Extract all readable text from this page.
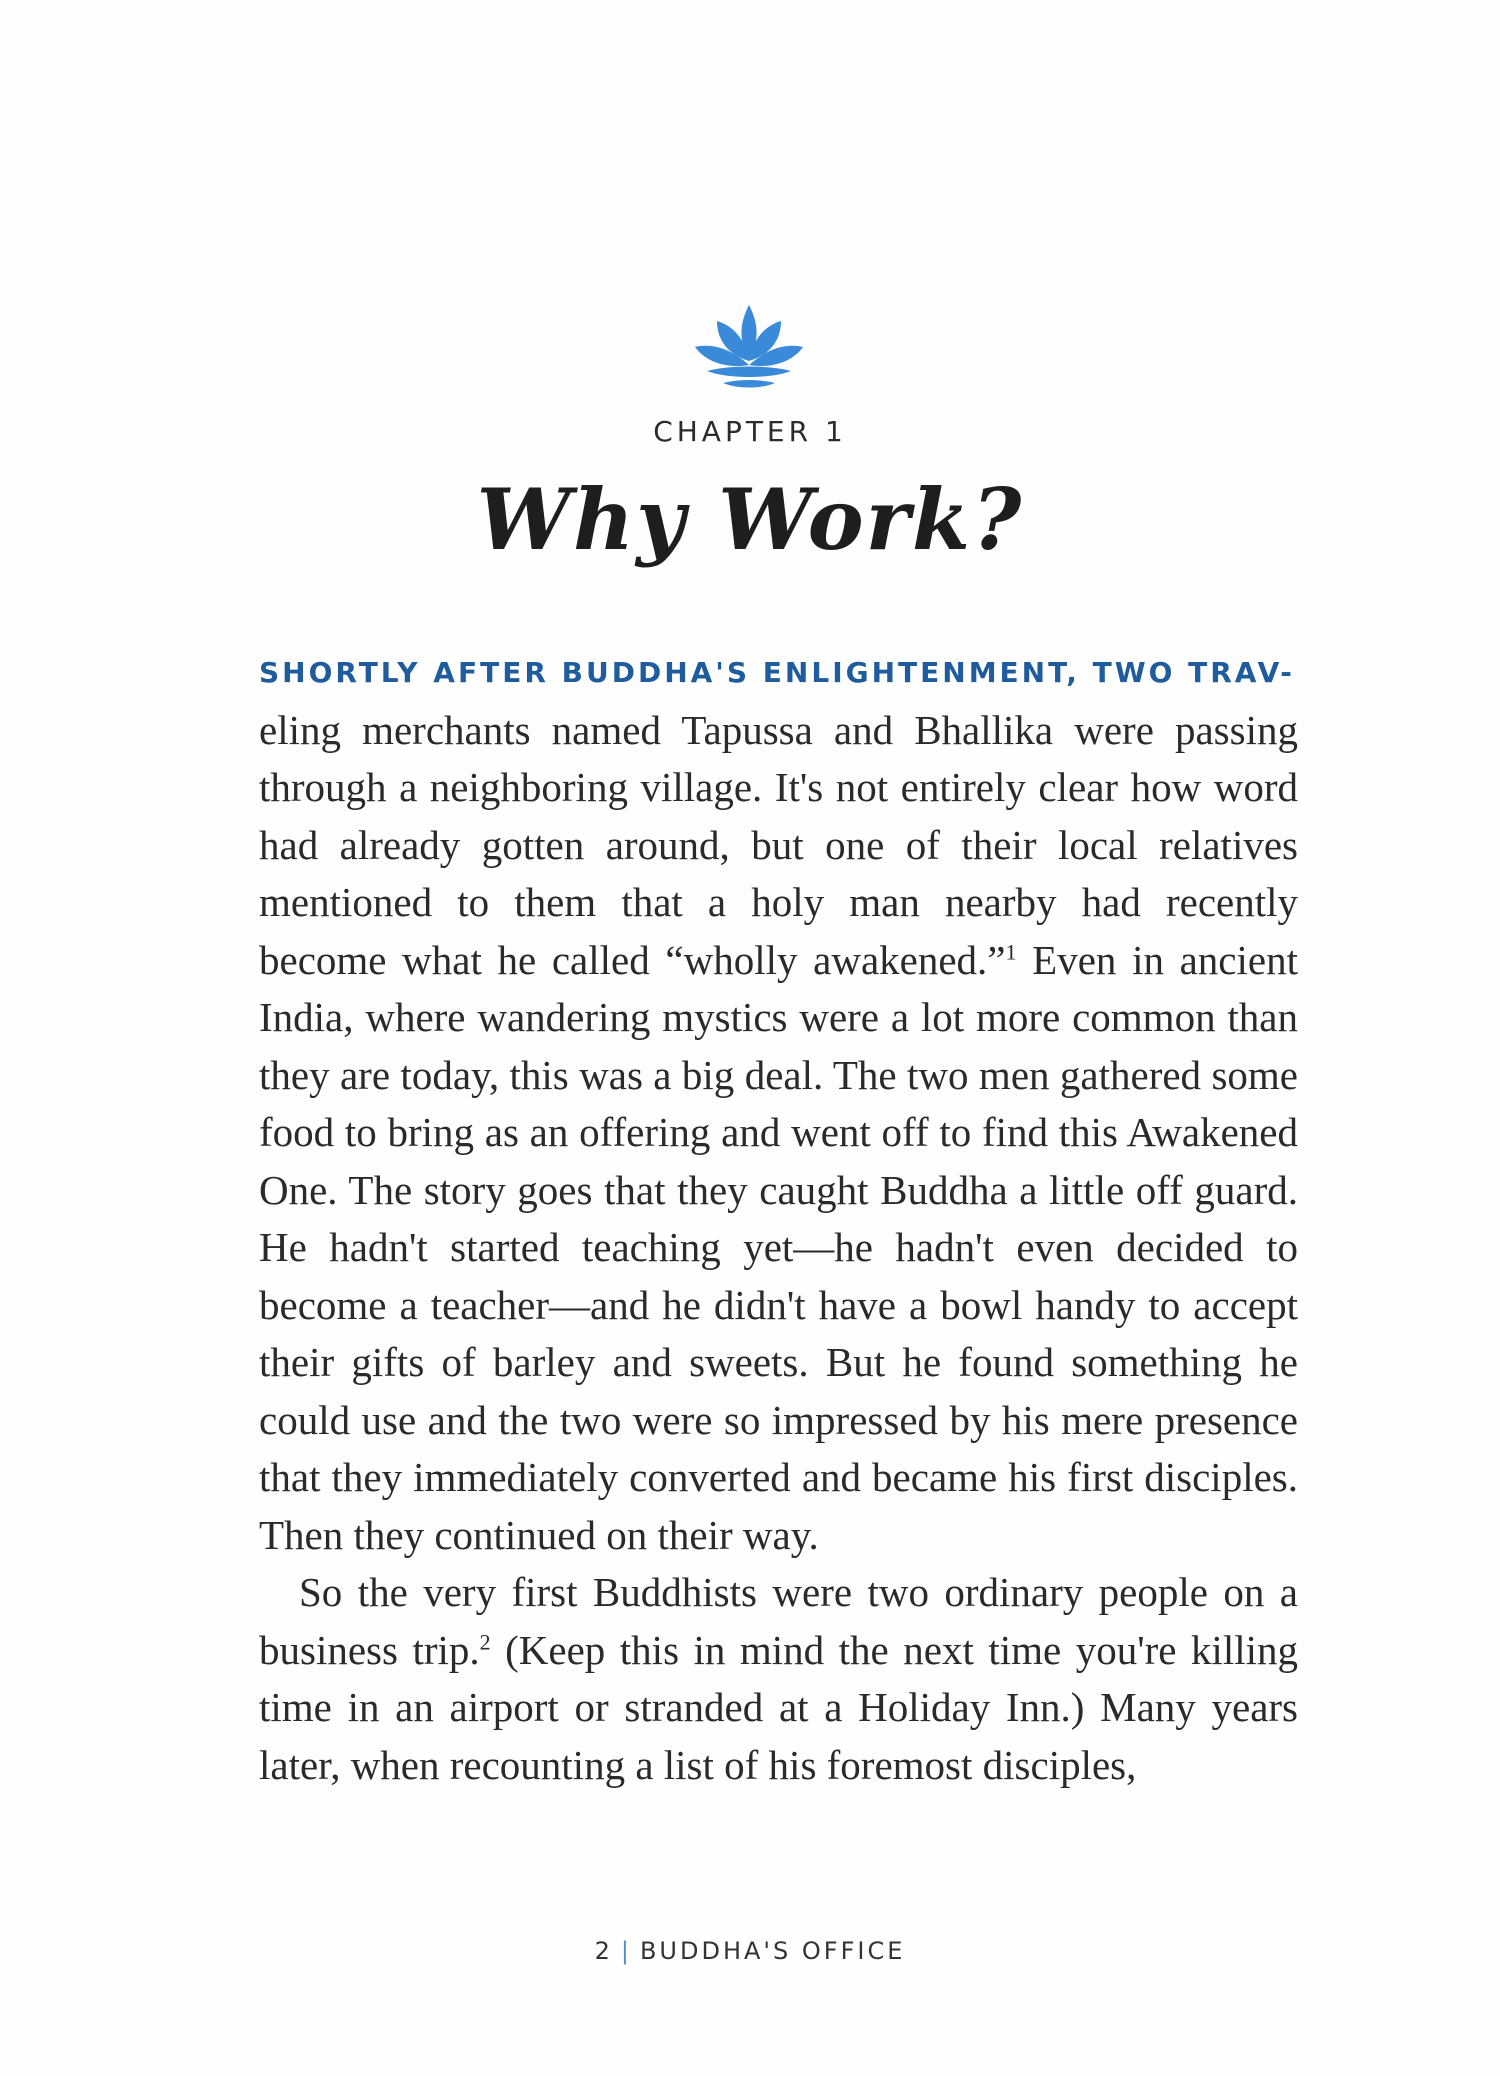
CHAPTER 1
Why Work?

SHORTLY AFTER BUDDHA'S ENLIGHTENMENT, TWO TRAV-
eling merchants named Tapussa and Bhallika were passing through a neighboring village. It's not entirely clear how word had already gotten around, but one of their local relatives mentioned to them that a holy man nearby had recently become what he called “wholly awakened.”$^1$ Even in ancient India, where wandering mystics were a lot more common than they are today, this was a big deal. The two men gathered some food to bring as an offering and went off to find this Awakened One. The story goes that they caught Buddha a little off guard. He hadn't started teaching yet—he hadn't even decided to become a teacher—and he didn't have a bowl handy to accept their gifts of barley and sweets. But he found something he could use and the two were so impressed by his mere presence that they immediately converted and became his first disciples. Then they continued on their way.

So the very first Buddhists were two ordinary people on a business trip.$^2$ (Keep this in mind the next time you're killing time in an airport or stranded at a Holiday Inn.) Many years later, when recounting a list of his foremost disciples,

2 | BUDDHA'S OFFICE
